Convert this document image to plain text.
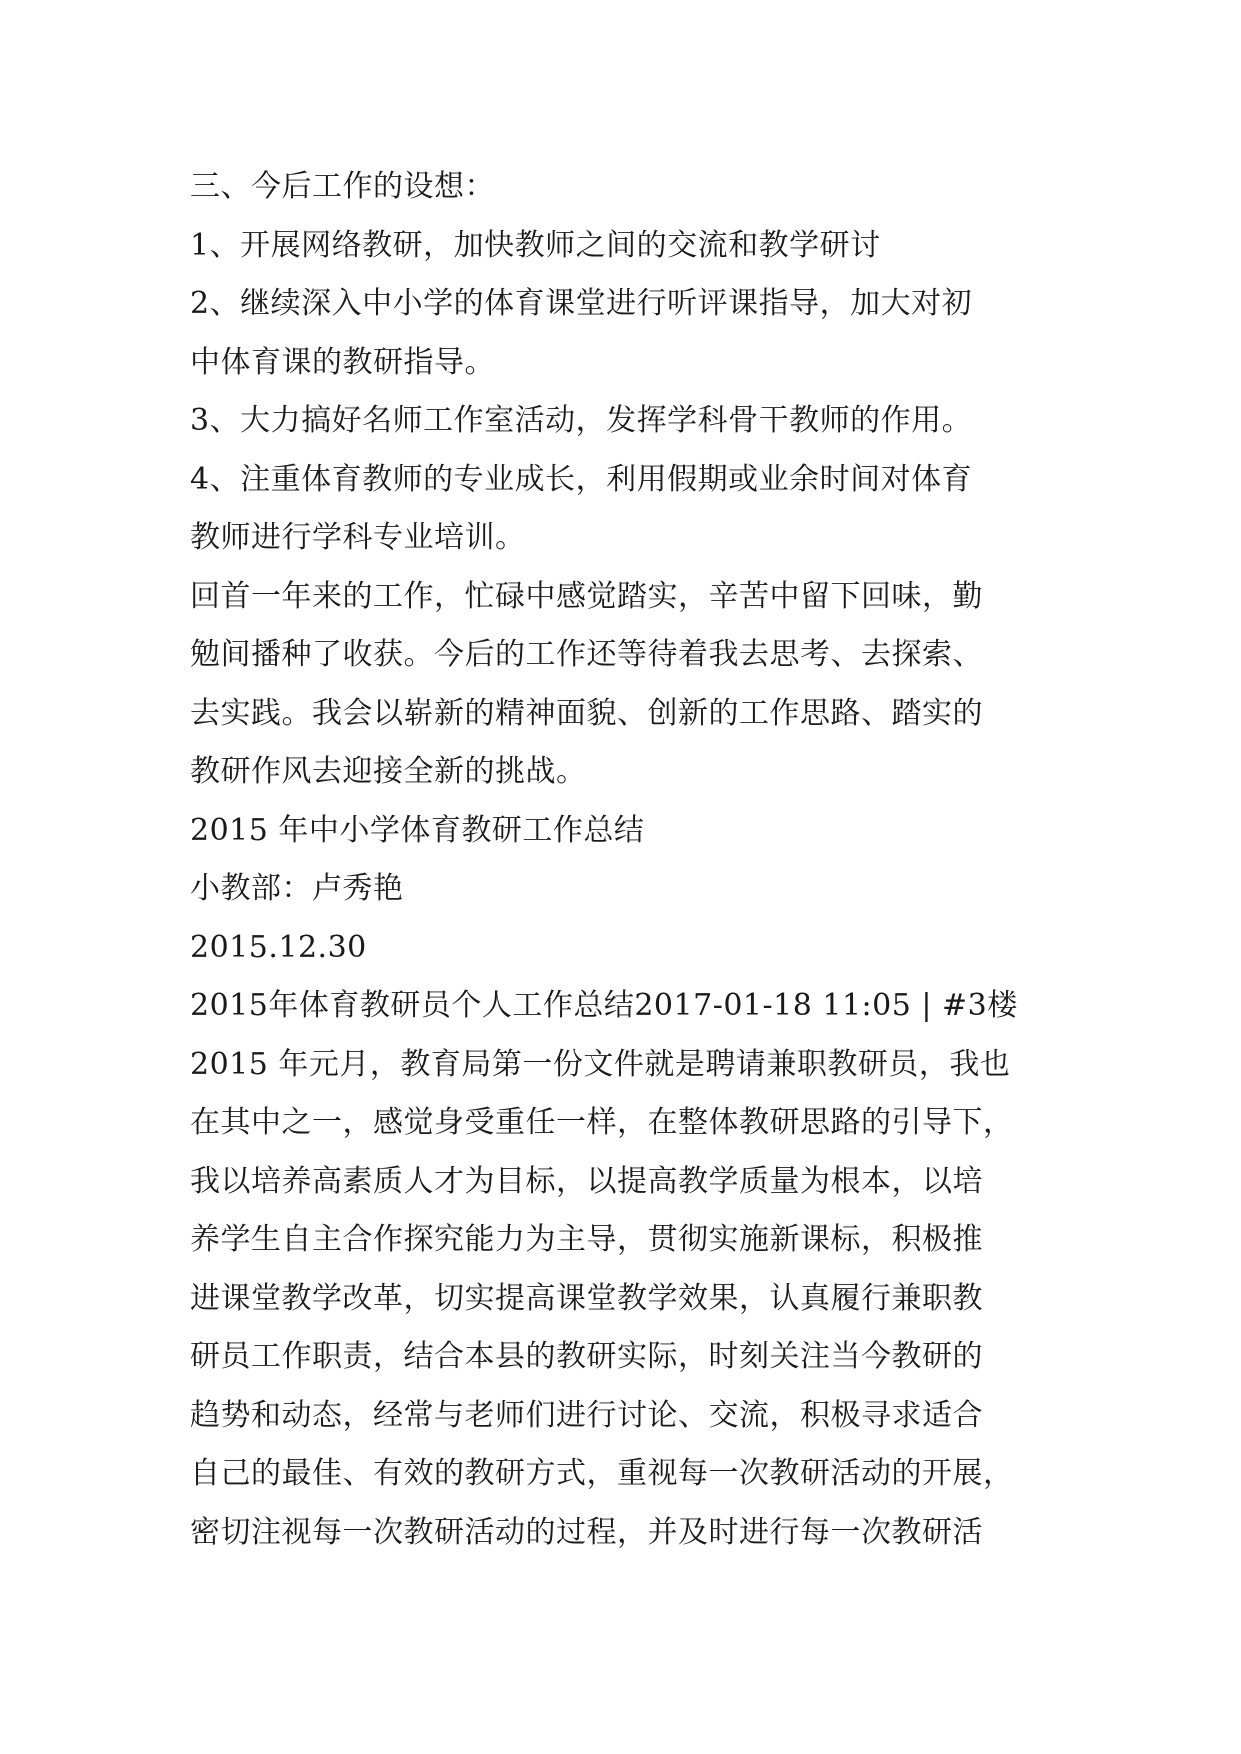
三、今后工作的设想：
1、开展网络教研，加快教师之间的交流和教学研讨
2、继续深入中小学的体育课堂进行听评课指导，加大对初
中体育课的教研指导。
3、大力搞好名师工作室活动，发挥学科骨干教师的作用。
4、注重体育教师的专业成长，利用假期或业余时间对体育
教师进行学科专业培训。
回首一年来的工作，忙碌中感觉踏实，辛苦中留下回味，勤
勉间播种了收获。今后的工作还等待着我去思考、去探索、
去实践。我会以崭新的精神面貌、创新的工作思路、踏实的
教研作风去迎接全新的挑战。
2015 年中小学体育教研工作总结
小教部：卢秀艳
2015.12.30
2015年体育教研员个人工作总结2017-01-18 11:05 | #3楼
2015 年元月，教育局第一份文件就是聘请兼职教研员，我也
在其中之一，感觉身受重任一样，在整体教研思路的引导下，
我以培养高素质人才为目标，以提高教学质量为根本，以培
养学生自主合作探究能力为主导，贯彻实施新课标，积极推
进课堂教学改革，切实提高课堂教学效果，认真履行兼职教
研员工作职责，结合本县的教研实际，时刻关注当今教研的
趋势和动态，经常与老师们进行讨论、交流，积极寻求适合
自己的最佳、有效的教研方式，重视每一次教研活动的开展，
密切注视每一次教研活动的过程，并及时进行每一次教研活
